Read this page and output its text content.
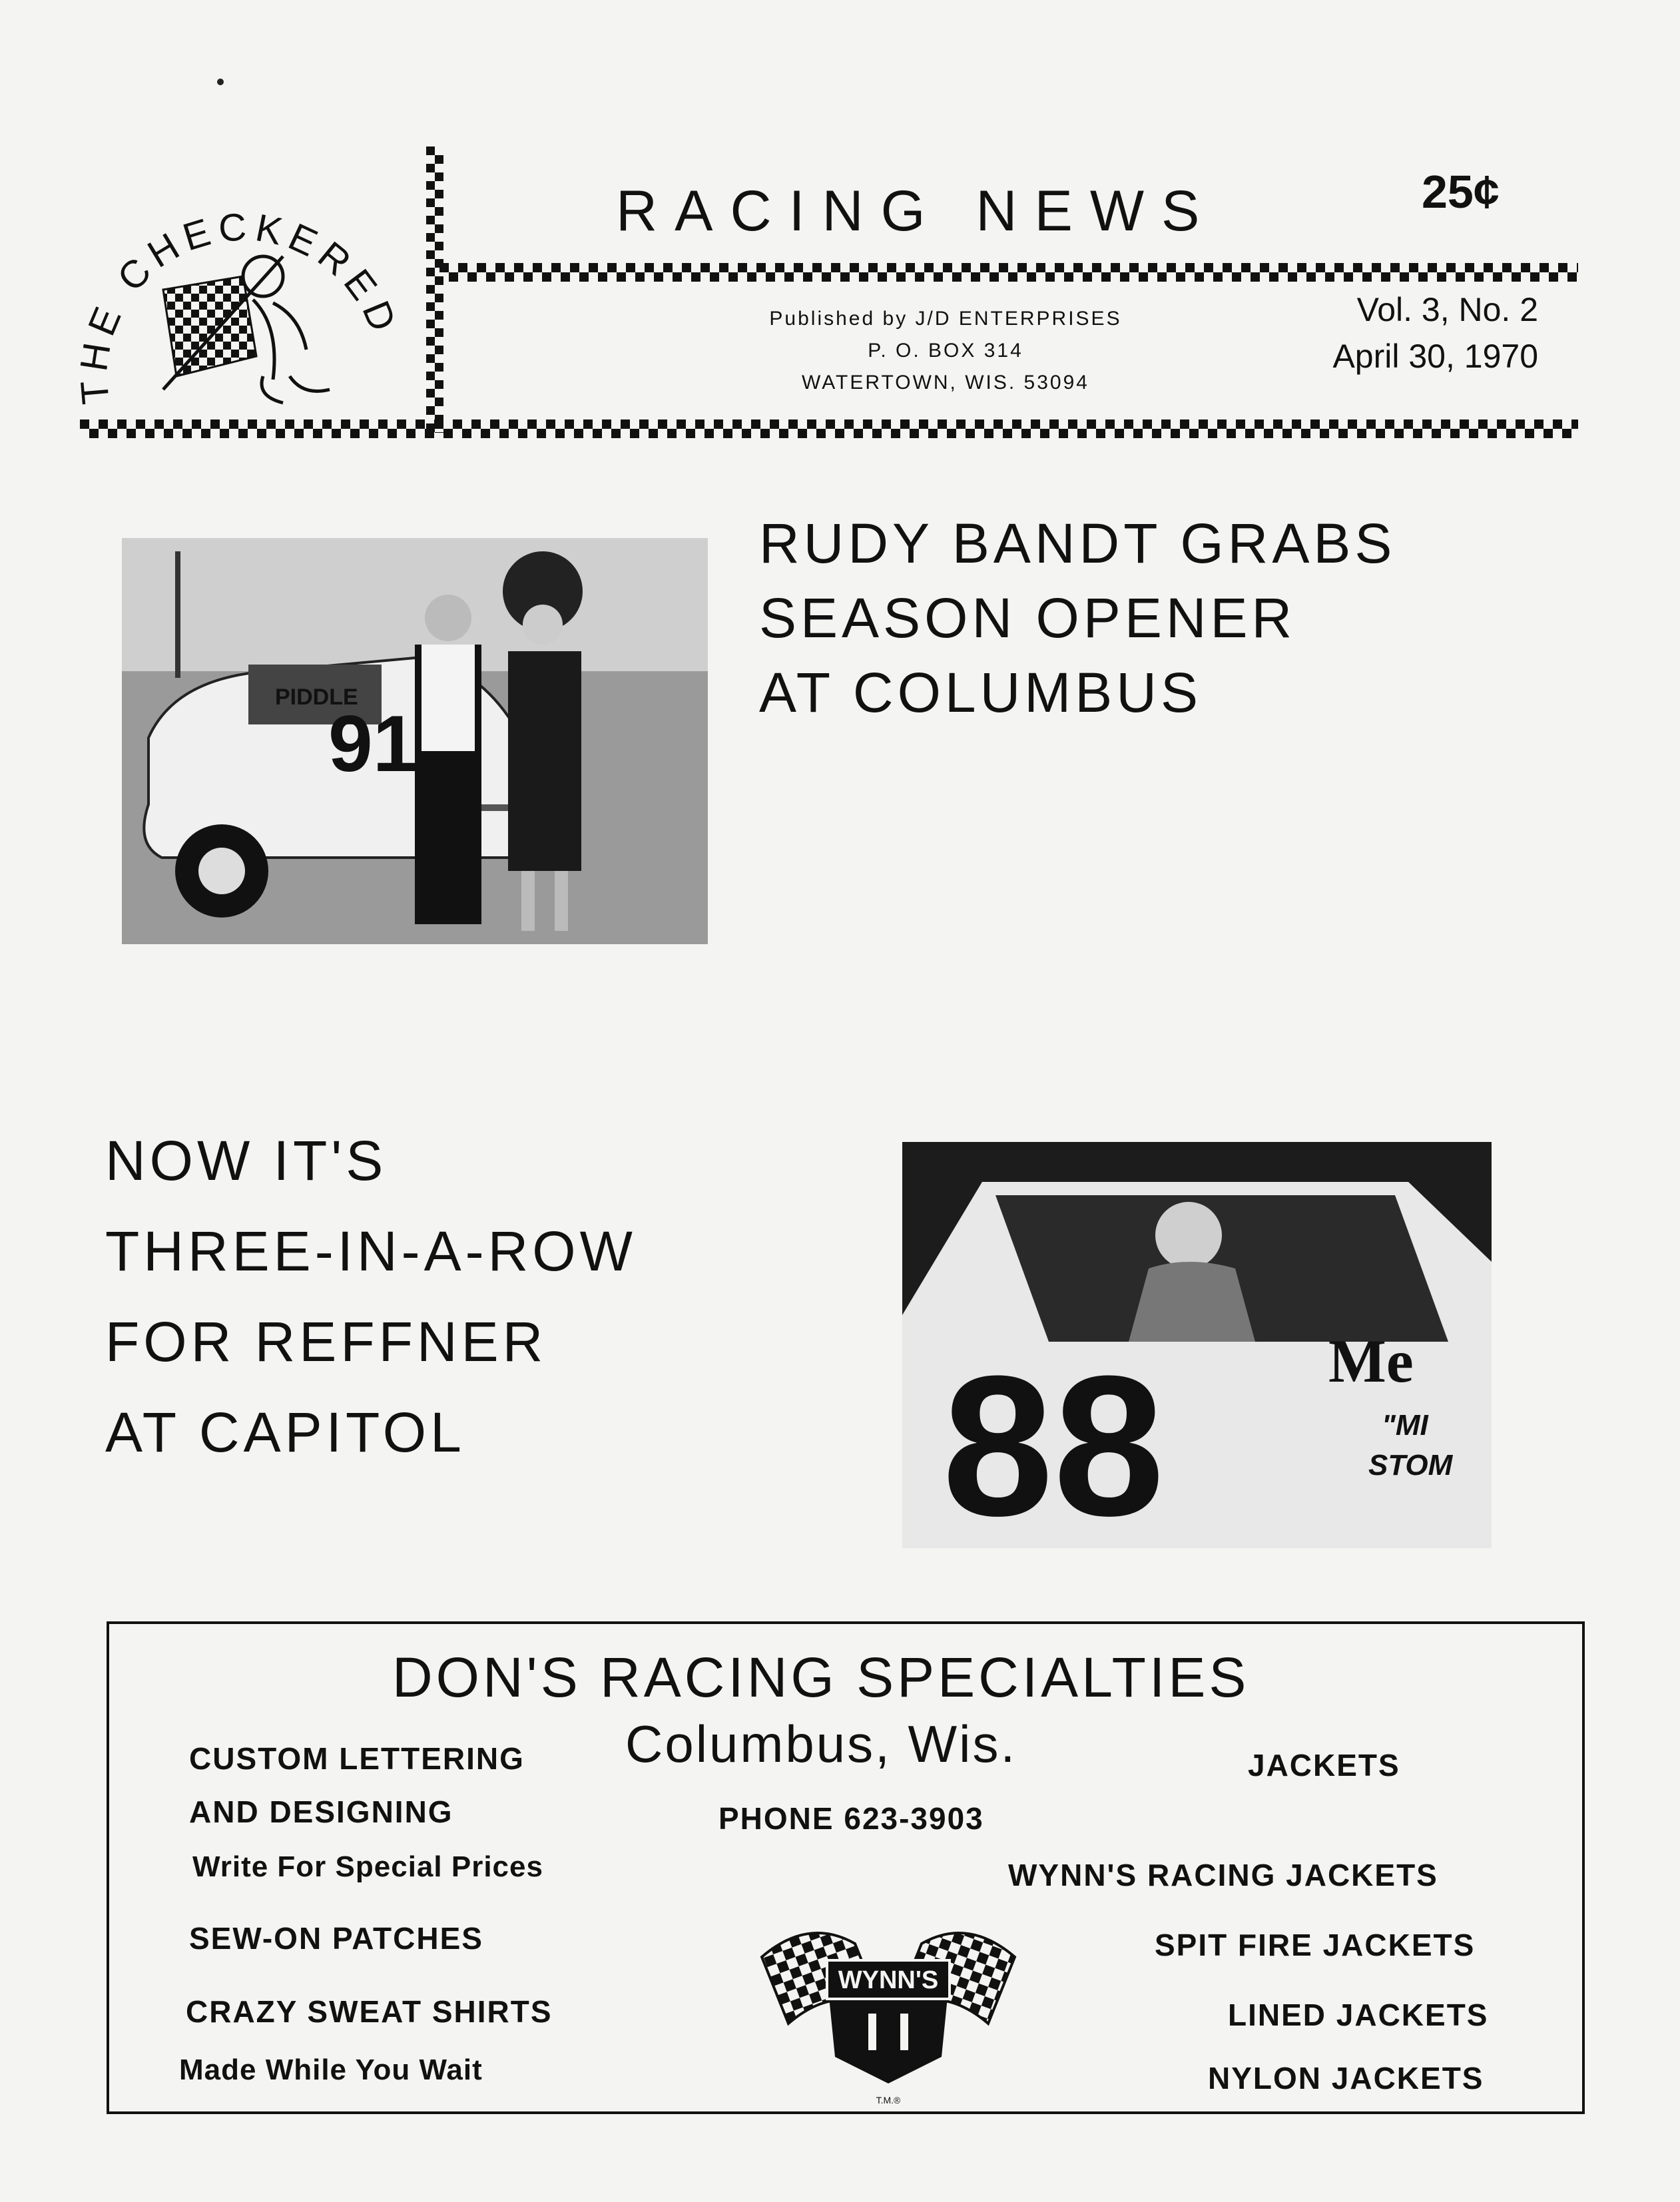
THE CHECKERED
RACING NEWS	25¢
Published by J/D ENTERPRISES
P. O. BOX 314
WATERTOWN, WIS. 53094
Vol. 3, No. 2
April 30, 1970
91
PIDDLE
RUDY BANDT GRABS
SEASON OPENER
AT COLUMBUS
NOW IT'S
THREE-IN-A-ROW
FOR REFFNER
AT CAPITOL	88	Me
"MI
STOM
DON'S RACING SPECIALTIES
Columbus, Wis.
PHONE 623-3903
CUSTOM LETTERING
AND DESIGNING
Write For Special Prices
SEW-ON PATCHES
CRAZY SWEAT SHIRTS
Made While You Wait
JACKETS
WYNN'S RACING JACKETS
SPIT FIRE JACKETS
LINED JACKETS
NYLON JACKETS
WYNN'S
T.M.®
